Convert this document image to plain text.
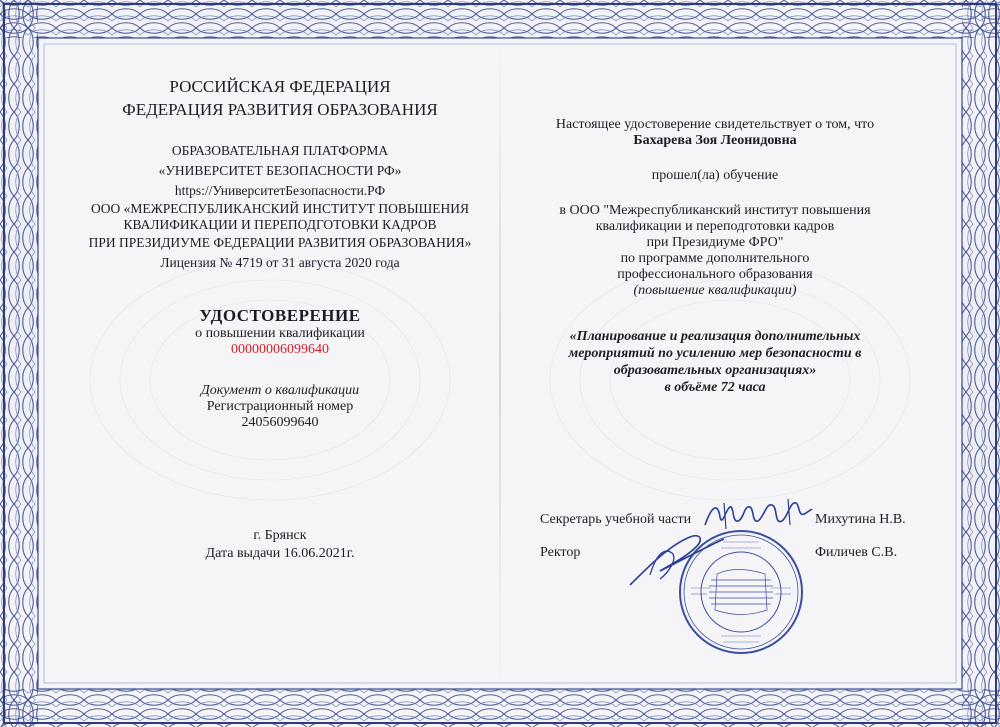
РОССИЙСКАЯ ФЕДЕРАЦИЯ
ФЕДЕРАЦИЯ РАЗВИТИЯ ОБРАЗОВАНИЯ
ОБРАЗОВАТЕЛЬНАЯ ПЛАТФОРМА
«УНИВЕРСИТЕТ БЕЗОПАСНОСТИ РФ»
https://УниверситетБезопасности.РФ
ООО «МЕЖРЕСПУБЛИКАНСКИЙ ИНСТИТУТ ПОВЫШЕНИЯ
КВАЛИФИКАЦИИ И ПЕРЕПОДГОТОВКИ КАДРОВ
ПРИ ПРЕЗИДИУМЕ ФЕДЕРАЦИИ РАЗВИТИЯ ОБРАЗОВАНИЯ»
Лицензия № 4719 от 31 августа 2020 года
УДОСТОВЕРЕНИЕ
о повышении квалификации
00000006099640
Документ о квалификации
Регистрационный номер
24056099640
г. Брянск
Дата выдачи 16.06.2021г.
Настоящее удостоверение свидетельствует о том, что
Бахарева Зоя Леонидовна
прошел(ла) обучение
в ООО "Межреспубликанский институт повышения
квалификации и переподготовки кадров
при Президиуме ФРО"
по программе дополнительного
профессионального образования
(повышение квалификации)
«Планирование и реализация дополнительных
мероприятий по усилению мер безопасности в
образовательных организациях»
в объёме 72 часа
Секретарь учебной части	Михутина Н.В.
Ректор	Филичев С.В.
